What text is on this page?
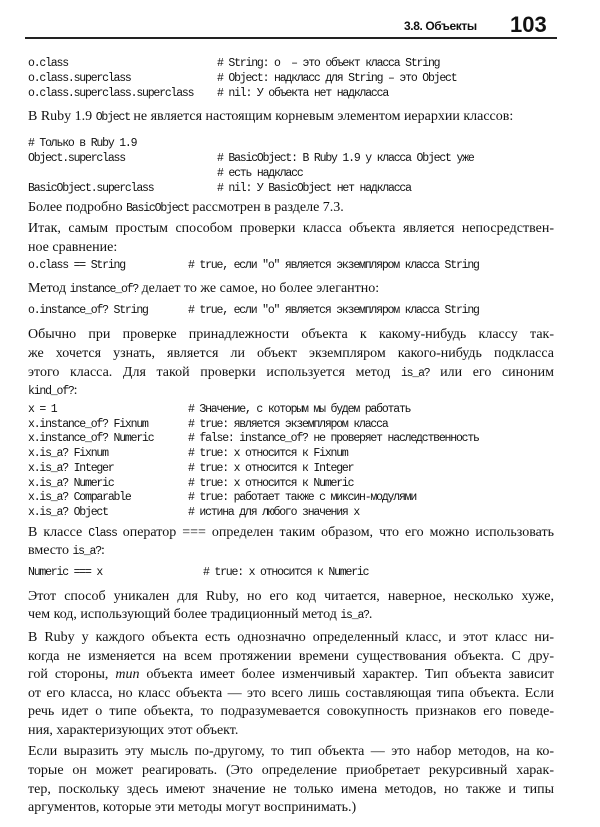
3.8. Объекты 103
o.class	# String: o  – это объект класса String
o.class.superclass	# Object: надкласс для String – это Object
o.class.superclass.superclass # nil: У объекта нет надкласса
В Ruby 1.9 Object не является настоящим корневым элементом иерархии классов:
# Только в Ruby 1.9
Object.superclass	# BasicObject: В Ruby 1.9 у класса Object уже
# есть надкласс
BasicObject.superclass	# nil: У BasicObject нет надкласса
Более подробно BasicObject рассмотрен в разделе 7.3.
Итак, самым простым способом проверки класса объекта является непосредствен-
ное сравнение:
o.class == String	# true, если "o" является экземпляром класса String
Метод instance_of? делает то же самое, но более элегантно:
o.instance_of? String	# true, если "o" является экземпляром класса String
Обычно при проверке принадлежности объекта к какому-нибудь классу так-
же хочется узнать, является ли объект экземпляром какого-нибудь подкласса
этого класса. Для такой проверки используется метод is_a? или его синоним
kind_of?:
x = 1	# Значение, с которым мы будем работать
x.instance_of? Fixnum	# true: является экземпляром класса
x.instance_of? Numeric	# false: instance_of? не проверяет наследственность
x.is_a? Fixnum	# true: x относится к Fixnum
x.is_a? Integer	# true: x относится к Integer
x.is_a? Numeric	# true: x относится к Numeric
x.is_a? Comparable	# true: работает также с миксин-модулями
x.is_a? Object	# истина для любого значения x
В классе Class оператор === определен таким образом, что его можно использовать
вместо is_a?:
Numeric === x	# true: x относится к Numeric
Этот способ уникален для Ruby, но его код читается, наверное, несколько хуже,
чем код, использующий более традиционный метод is_a?.
В Ruby у каждого объекта есть однозначно определенный класс, и этот класс ни-
когда не изменяется на всем протяжении времени существования объекта. С дру-
гой стороны, тип объекта имеет более изменчивый характер. Тип объекта зависит
от его класса, но класс объекта — это всего лишь составляющая типа объекта. Если
речь идет о типе объекта, то подразумевается совокупность признаков его поведе-
ния, характеризующих этот объект.
Если выразить эту мысль по-другому, то тип объекта — это набор методов, на ко-
торые он может реагировать. (Это определение приобретает рекурсивный харак-
тер, поскольку здесь имеют значение не только имена методов, но также и типы
аргументов, которые эти методы могут воспринимать.)
